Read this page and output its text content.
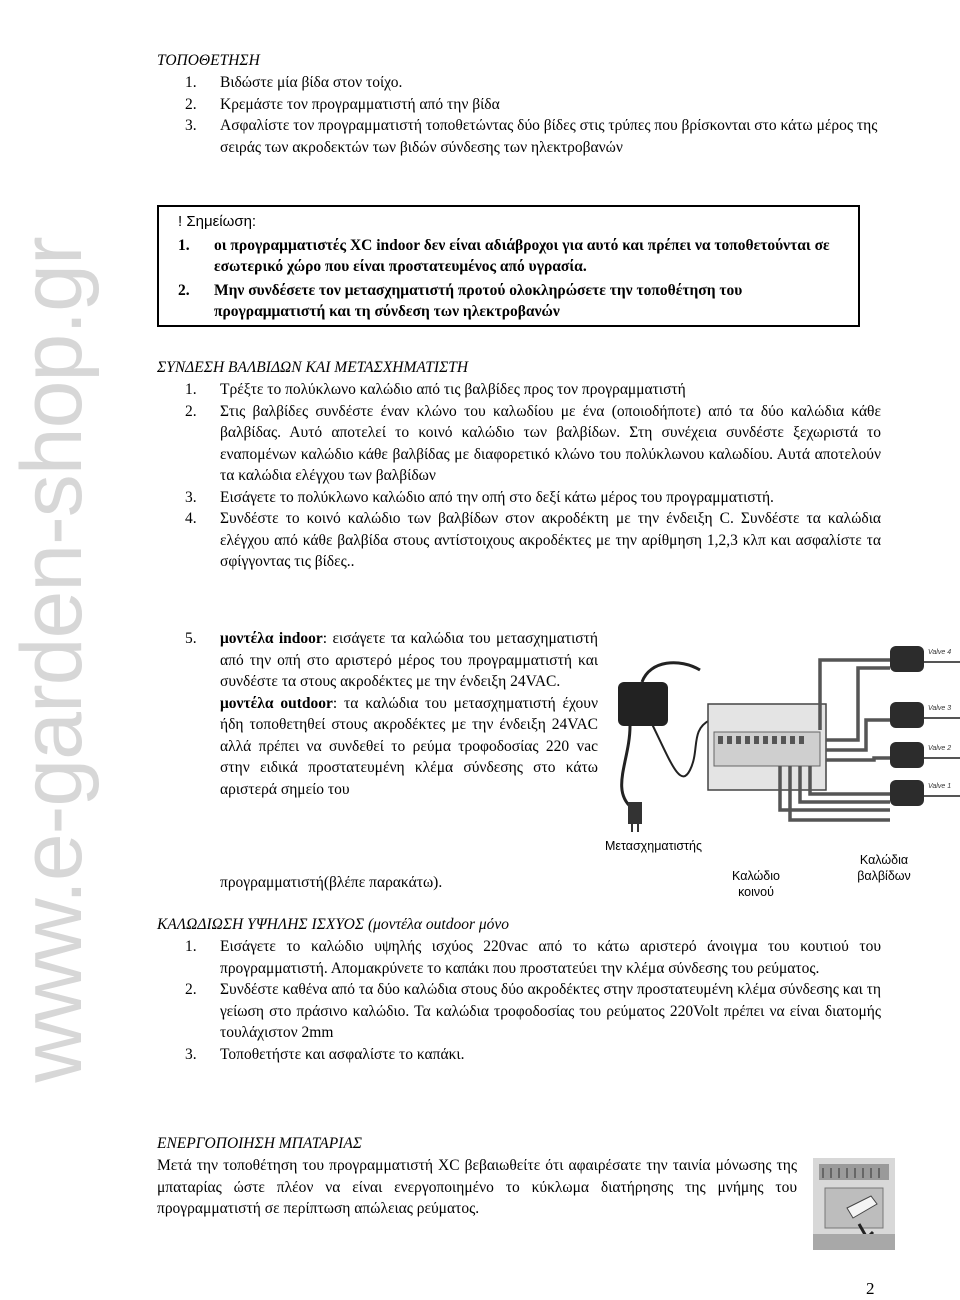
www.e-garden-shop.gr
ΤΟΠΟΘΕΤΗΣΗ
1. Βιδώστε μία βίδα στον τοίχο.
2. Κρεμάστε τον προγραμματιστή από την βίδα
3. Ασφαλίστε τον προγραμματιστή τοποθετώντας δύο βίδες στις τρύπες που βρίσκονται στο κάτω μέρος της σειράς των ακροδεκτών των βιδών σύνδεσης των ηλεκτροβανών
! Σημείωση:
1. οι προγραμματιστές XC indoor δεν είναι αδιάβροχοι για αυτό και πρέπει να τοποθετούνται σε εσωτερικό χώρο που είναι προστατευμένος από υγρασία.
2. Μην συνδέσετε τον μετασχηματιστή προτού ολοκληρώσετε την τοποθέτηση του προγραμματιστή και τη σύνδεση των ηλεκτροβανών
ΣΥΝΔΕΣΗ ΒΑΛΒΙΔΩΝ ΚΑΙ ΜΕΤΑΣΧΗΜΑΤΙΣΤΗ
1. Τρέξτε το πολύκλωνο καλώδιο από τις βαλβίδες προς τον προγραμματιστή
2. Στις βαλβίδες συνδέστε έναν κλώνο του καλωδίου με ένα (οποιοδήποτε) από τα δύο καλώδια κάθε βαλβίδας. Αυτό αποτελεί το κοινό καλώδιο των βαλβίδων. Στη συνέχεια συνδέστε ξεχωριστά το εναπομένων καλώδιο κάθε βαλβίδας με διαφορετικό κλώνο του πολύκλωνου καλωδίου. Αυτά αποτελούν τα καλώδια ελέγχου των βαλβίδων
3. Εισάγετε το πολύκλωνο καλώδιο από την οπή στο δεξί κάτω μέρος του προγραμματιστή.
4. Συνδέστε το κοινό καλώδιο των βαλβίδων στον ακροδέκτη με την ένδειξη C. Συνδέστε τα καλώδια ελέγχου από κάθε βαλβίδα στους αντίστοιχους ακροδέκτες με την αρίθμηση 1,2,3 κλπ και ασφαλίστε τα σφίγγοντας τις βίδες..
5. μοντέλα indoor: εισάγετε τα καλώδια του μετασχηματιστή από την οπή στο αριστερό μέρος του προγραμματιστή και συνδέστε τα στους ακροδέκτες με την ένδειξη 24VAC.
μοντέλα outdoor: τα καλώδια του μετασχηματιστή έχουν ήδη τοποθετηθεί στους ακροδέκτες με την ένδειξη 24VAC αλλά πρέπει να συνδεθεί το ρεύμα τροφοδοσίας 220 vac στην ειδικά προστατευμένη κλέμα σύνδεσης στο κάτω αριστερά σημείο του
προγραμματιστή(βλέπε παρακάτω).
Valve 4
Valve 3
Valve 2
Valve 1
Μετασχηματιστής
Καλώδιο
κοινού
Καλώδια
βαλβίδων
ΚΑΛΩΔΙΩΣΗ ΥΨΗΛΗΣ ΙΣΧΥΟΣ (μοντέλα outdoor μόνο
1. Εισάγετε το καλώδιο υψηλής ισχύος 220vac από το κάτω αριστερό άνοιγμα του κουτιού του προγραμματιστή. Απομακρύνετε το καπάκι που προστατεύει την κλέμα σύνδεσης του ρεύματος.
2. Συνδέστε καθένα από τα δύο καλώδια στους δύο ακροδέκτες στην προστατευμένη κλέμα σύνδεσης και τη γείωση στο πράσινο καλώδιο. Τα καλώδια τροφοδοσίας του ρεύματος 220Volt πρέπει να είναι διατομής τουλάχιστον 2mm
3. Τοποθετήστε και ασφαλίστε το καπάκι.
ΕΝΕΡΓΟΠΟΙΗΣΗ ΜΠΑΤΑΡΙΑΣ
Μετά την τοποθέτηση του προγραμματιστή XC βεβαιωθείτε ότι αφαιρέσατε την ταινία μόνωσης της μπαταρίας ώστε πλέον να είναι ενεργοποιημένο το κύκλωμα διατήρησης της μνήμης του προγραμματιστή σε περίπτωση απώλειας ρεύματος.
2
